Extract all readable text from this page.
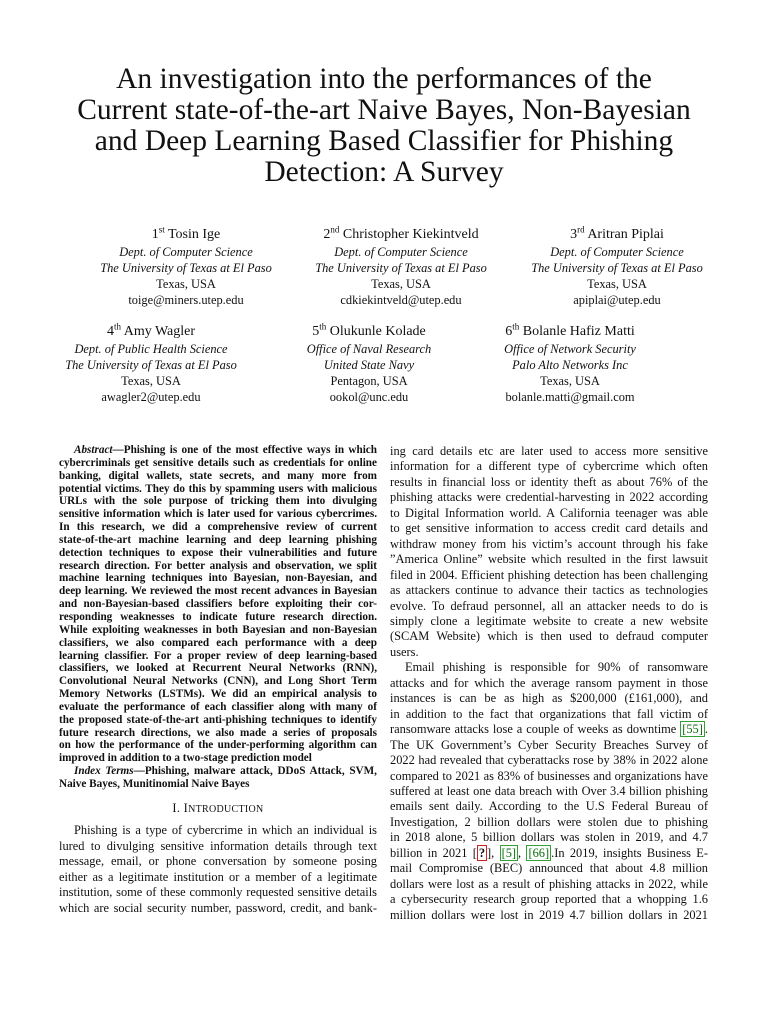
An investigation into the performances of the
Current state-of-the-art Naive Bayes, Non-Bayesian
and Deep Learning Based Classifier for Phishing
Detection: A Survey
1st Tosin Ige
Dept. of Computer Science
The University of Texas at El Paso
Texas, USA
toige@miners.utep.edu
2nd Christopher Kiekintveld
Dept. of Computer Science
The University of Texas at El Paso
Texas, USA
cdkiekintveld@utep.edu
3rd Aritran Piplai
Dept. of Computer Science
The University of Texas at El Paso
Texas, USA
apiplai@utep.edu
4th Amy Wagler
Dept. of Public Health Science
The University of Texas at El Paso
Texas, USA
awagler2@utep.edu
5th Olukunle Kolade
Office of Naval Research
United State Navy
Pentagon, USA
ookol@unc.edu
6th Bolanle Hafiz Matti
Office of Network Security
Palo Alto Networks Inc
Texas, USA
bolanle.matti@gmail.com
Abstract—Phishing is one of the most effective ways in which
cybercriminals get sensitive details such as credentials for online
banking, digital wallets, state secrets, and many more from
potential victims. They do this by spamming users with malicious
URLs with the sole purpose of tricking them into divulging
sensitive information which is later used for various cybercrimes.
In this research, we did a comprehensive review of current
state-of-the-art machine learning and deep learning phishing
detection techniques to expose their vulnerabilities and future
research direction. For better analysis and observation, we split
machine learning techniques into Bayesian, non-Bayesian, and
deep learning. We reviewed the most recent advances in Bayesian
and non-Bayesian-based classifiers before exploiting their cor-
responding weaknesses to indicate future research direction.
While exploiting weaknesses in both Bayesian and non-Bayesian
classifiers, we also compared each performance with a deep
learning classifier. For a proper review of deep learning-based
classifiers, we looked at Recurrent Neural Networks (RNN),
Convolutional Neural Networks (CNN), and Long Short Term
Memory Networks (LSTMs). We did an empirical analysis to
evaluate the performance of each classifier along with many of
the proposed state-of-the-art anti-phishing techniques to identify
future research directions, we also made a series of proposals
on how the performance of the under-performing algorithm can
improved in addition to a two-stage prediction model
Index Terms—Phishing, malware attack, DDoS Attack, SVM,
Naive Bayes, Munitinomial Naive Bayes
I. INTRODUCTION
Phishing is a type of cybercrime in which an individual is
lured to divulging sensitive information details through text
message, email, or phone conversation by someone posing
either as a legitimate institution or a member of a legitimate
institution, some of these commonly requested sensitive details
which are social security number, password, credit, and bank-
ing card details etc are later used to access more sensitive
information for a different type of cybercrime which often
results in financial loss or identity theft as about 76% of the
phishing attacks were credential-harvesting in 2022 according
to Digital Information world. A California teenager was able
to get sensitive information to access credit card details and
withdraw money from his victim’s account through his fake
”America Online” website which resulted in the first lawsuit
filed in 2004. Efficient phishing detection has been challenging
as attackers continue to advance their tactics as technologies
evolve. To defraud personnel, all an attacker needs to do is
simply clone a legitimate website to create a new website
(SCAM Website) which is then used to defraud computer
users.
Email phishing is responsible for 90% of ransomware
attacks and for which the average ransom payment in those
instances is can be as high as $200,000 (£161,000), and
in addition to the fact that organizations that fall victim of
ransomware attacks lose a couple of weeks as downtime [55] .
The UK Government’s Cyber Security Breaches Survey of
2022 had revealed that cyberattacks rose by 38% in 2022 alone
compared to 2021 as 83% of businesses and organizations have
suffered at least one data breach with Over 3.4 billion phishing
emails sent daily. According to the U.S Federal Bureau of
Investigation, 2 billion dollars were stolen due to phishing
in 2018 alone, 5 billion dollars was stolen in 2019, and 4.7
billion in 2021 [ ? ], [5] , [66] .In 2019, insights Business E-
mail Compromise (BEC) announced that about 4.8 million
dollars were lost as a result of phishing attacks in 2022, while
a cybersecurity research group reported that a whopping 1.6
million dollars were lost in 2019 4.7 billion dollars in 2021
